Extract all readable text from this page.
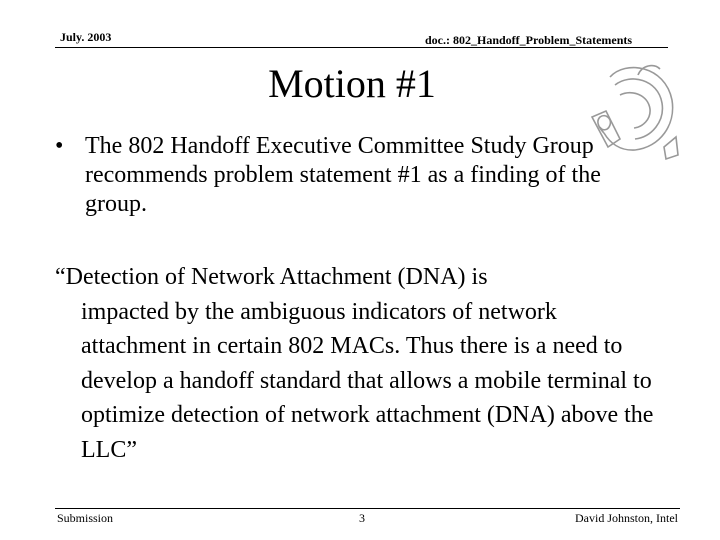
July. 2003	doc.: 802_Handoff_Problem_Statements
Motion #1
• The 802 Handoff Executive Committee Study Group recommends problem statement #1 as a finding of the group.
“Detection of Network Attachment (DNA) is
impacted by the ambiguous indicators of network attachment in certain 802 MACs. Thus there is a need to develop a handoff standard that allows a mobile terminal to optimize detection of network attachment (DNA) above the LLC”
Submission	3	David Johnston, Intel
